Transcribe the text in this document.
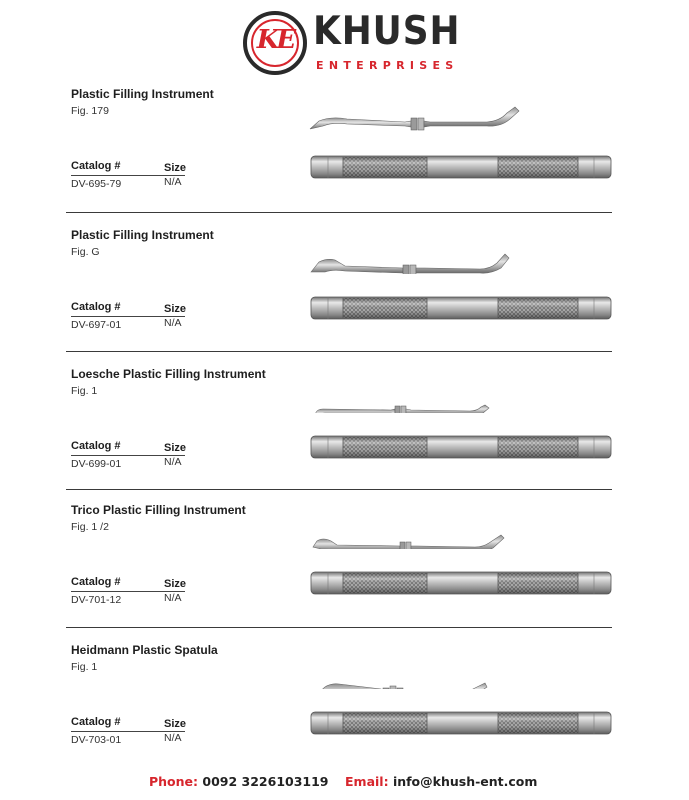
KE KHUSH
ENTERPRISES
Plastic Filling Instrument
Fig. 179
Catalog #	Size
DV-695-79	N/A
Plastic Filling Instrument
Fig. G
Catalog #	Size
DV-697-01	N/A
Loesche Plastic Filling Instrument
Fig. 1
Catalog #	Size
DV-699-01	N/A
Trico Plastic Filling Instrument
Fig. 1 /2
Catalog #	Size
DV-701-12	N/A
Heidmann Plastic Spatula
Fig. 1
Catalog #	Size
DV-703-01	N/A
Phone: 0092 3226103119 Email: info@khush-ent.com
